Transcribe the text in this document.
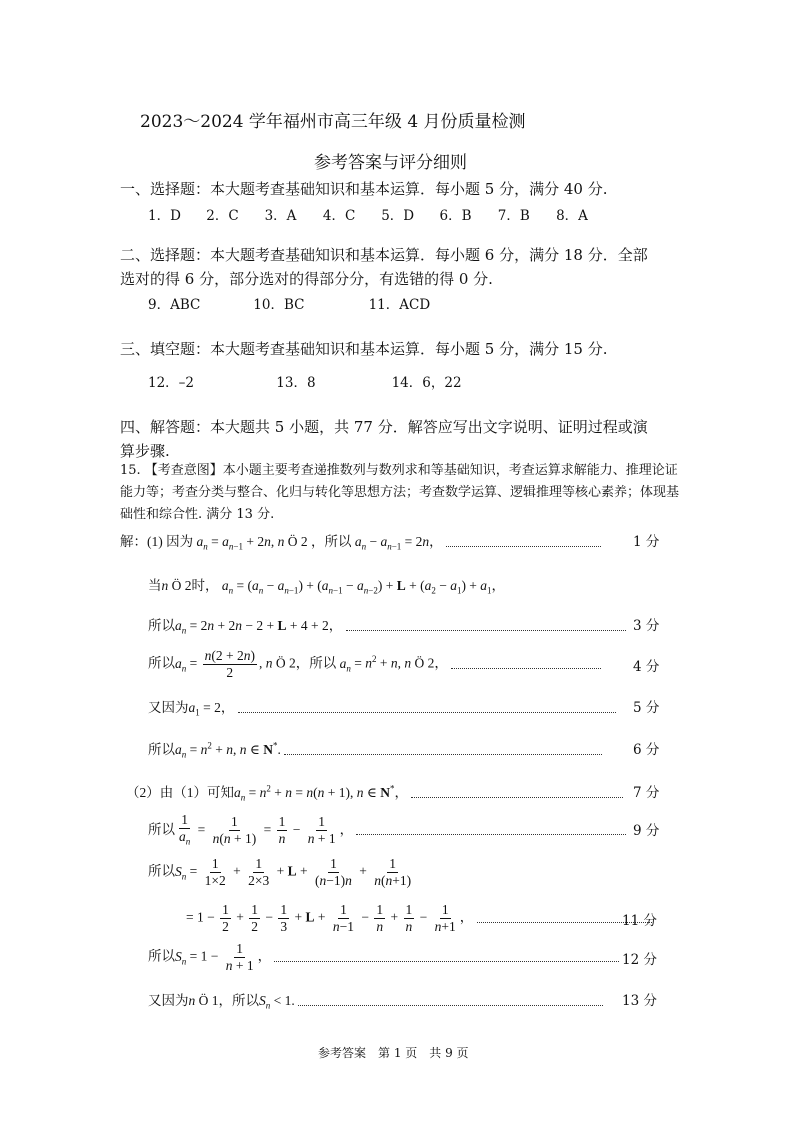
2023～2024 学年福州市高三年级 4 月份质量检测
参考答案与评分细则
一、选择题：本大题考查基础知识和基本运算．每小题 5 分，满分 40 分.
1．D 2．C 3．A 4．C 5．D 6．B 7．B 8．A
二、选择题：本大题考查基础知识和基本运算．每小题 6 分，满分 18 分．全部
选对的得 6 分，部分选对的得部分分，有选错的得 0 分.
9．ABC	10．BC	11．ACD
三、填空题：本大题考查基础知识和基本运算．每小题 5 分，满分 15 分.
12．–2	13．8	14．6，22
四、解答题：本大题共 5 小题，共 77 分．解答应写出文字说明、证明过程或演
算步骤.
15. 【考查意图】本小题主要考查递推数列与数列求和等基础知识，考查运算求解能力、推理论证能力等；考查分类与整合、化归与转化等思想方法；考查数学运算、逻辑推理等核心素养；体现基础性和综合性. 满分 13 分.
解：(1) 因为 $a_n = a_{n-1} + 2n$, n Ö 2 ，所以 $a_n - a_{n-1} = 2n$，	1 分
当n Ö 2时， $a_n = (a_n - a_{n-1}) + (a_{n-1} - a_{n-2}) + L + (a_2 - a_1) + a_1$，
所以$a_n = 2n + 2n - 2 + L + 4 + 2$，	3 分
所以$a_n = \frac{n(2 + 2n)}{2}$ , n Ö 2，所以 $a_n = n^2 + n$, n Ö 2，	4 分
又因为$a_1 = 2$，	5 分
所以$a_n = n^2 + n$, n ∈ N*.	6 分
（2）由（1）可知$a_n = n^2 + n = n(n + 1)$, n ∈ N*，	7 分
所以 $\frac{1}{a_n} = \frac{1}{n(n + 1)} = \frac{1}{n} - \frac{1}{n + 1}$ ，	9 分
所以$S_n = \frac{1}{1\times 2} + \frac{1}{2\times 3} + L + \frac{1}{(n-1)n} + \frac{1}{n(n+1)}$
= $1 - \frac{1}{2} + \frac{1}{2} - \frac{1}{3} + L + \frac{1}{n-1} - \frac{1}{n} + \frac{1}{n} - \frac{1}{n+1}$ ，	11 分
所以$S_n = 1 - \frac{1}{n + 1}$ ，	12 分
又因为n Ö 1，所以$S_n < 1$.	13 分
参考答案　第 1 页　共 9 页
